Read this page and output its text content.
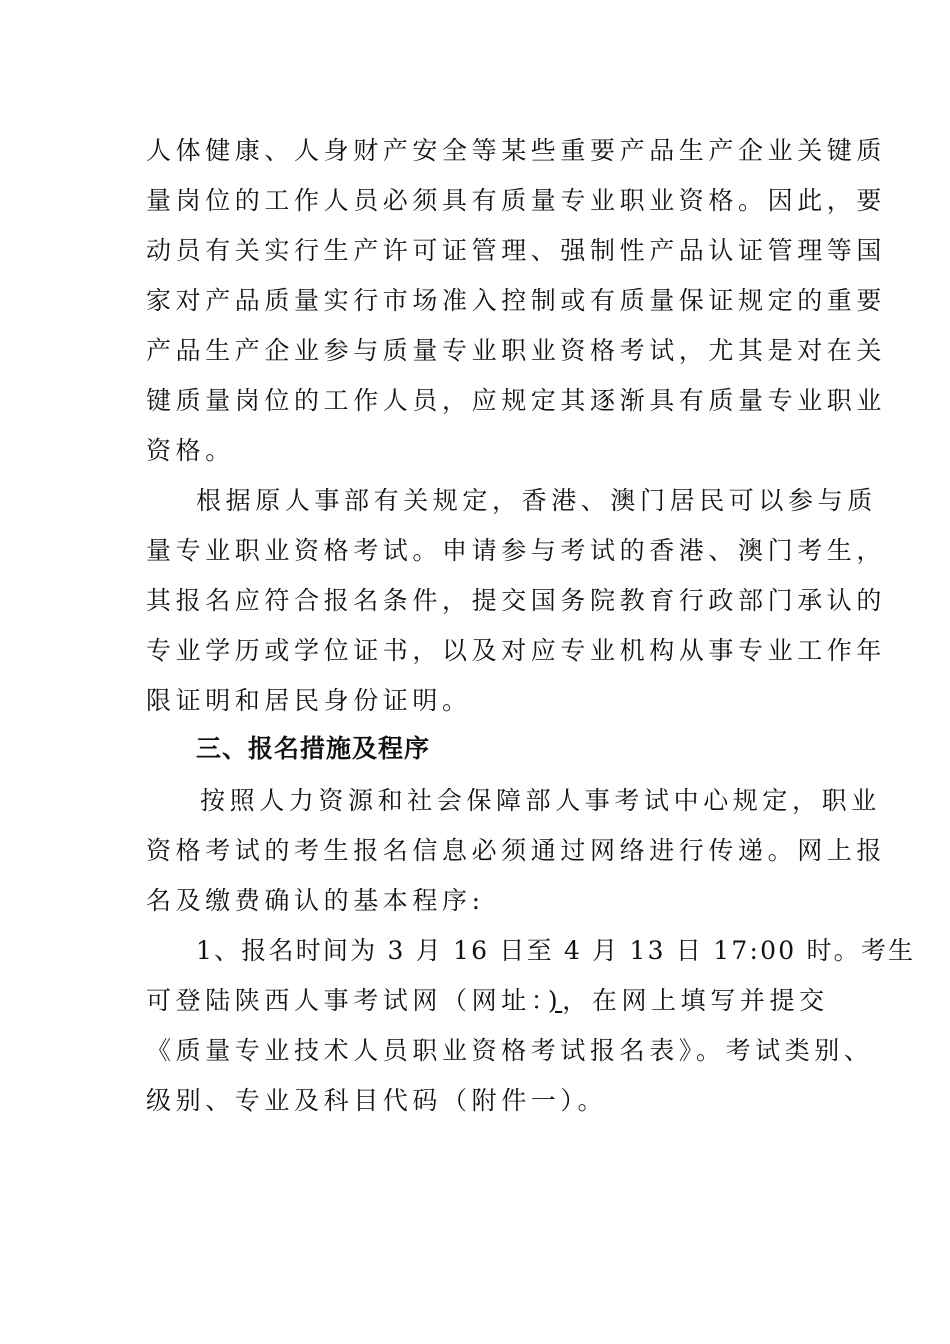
人体健康、人身财产安全等某些重要产品生产企业关键质
量岗位的工作人员必须具有质量专业职业资格。因此，要
动员有关实行生产许可证管理、强制性产品认证管理等国
家对产品质量实行市场准入控制或有质量保证规定的重要
产品生产企业参与质量专业职业资格考试，尤其是对在关
键质量岗位的工作人员，应规定其逐渐具有质量专业职业
资格。
根据原人事部有关规定，香港、澳门居民可以参与质
量专业职业资格考试。申请参与考试的香港、澳门考生，
其报名应符合报名条件，提交国务院教育行政部门承认的
专业学历或学位证书，以及对应专业机构从事专业工作年
限证明和居民身份证明。
三、报名措施及程序
按照人力资源和社会保障部人事考试中心规定，职业
资格考试的考生报名信息必须通过网络进行传递。网上报
名及缴费确认的基本程序:
1、报名时间为 3 月 16 日至 4 月 13 日 17:00 时。考生
可登陆陕西人事考试网（网址：)，在网上填写并提交
《质量专业技术人员职业资格考试报名表》。考试类别、
级别、专业及科目代码（附件一）。
